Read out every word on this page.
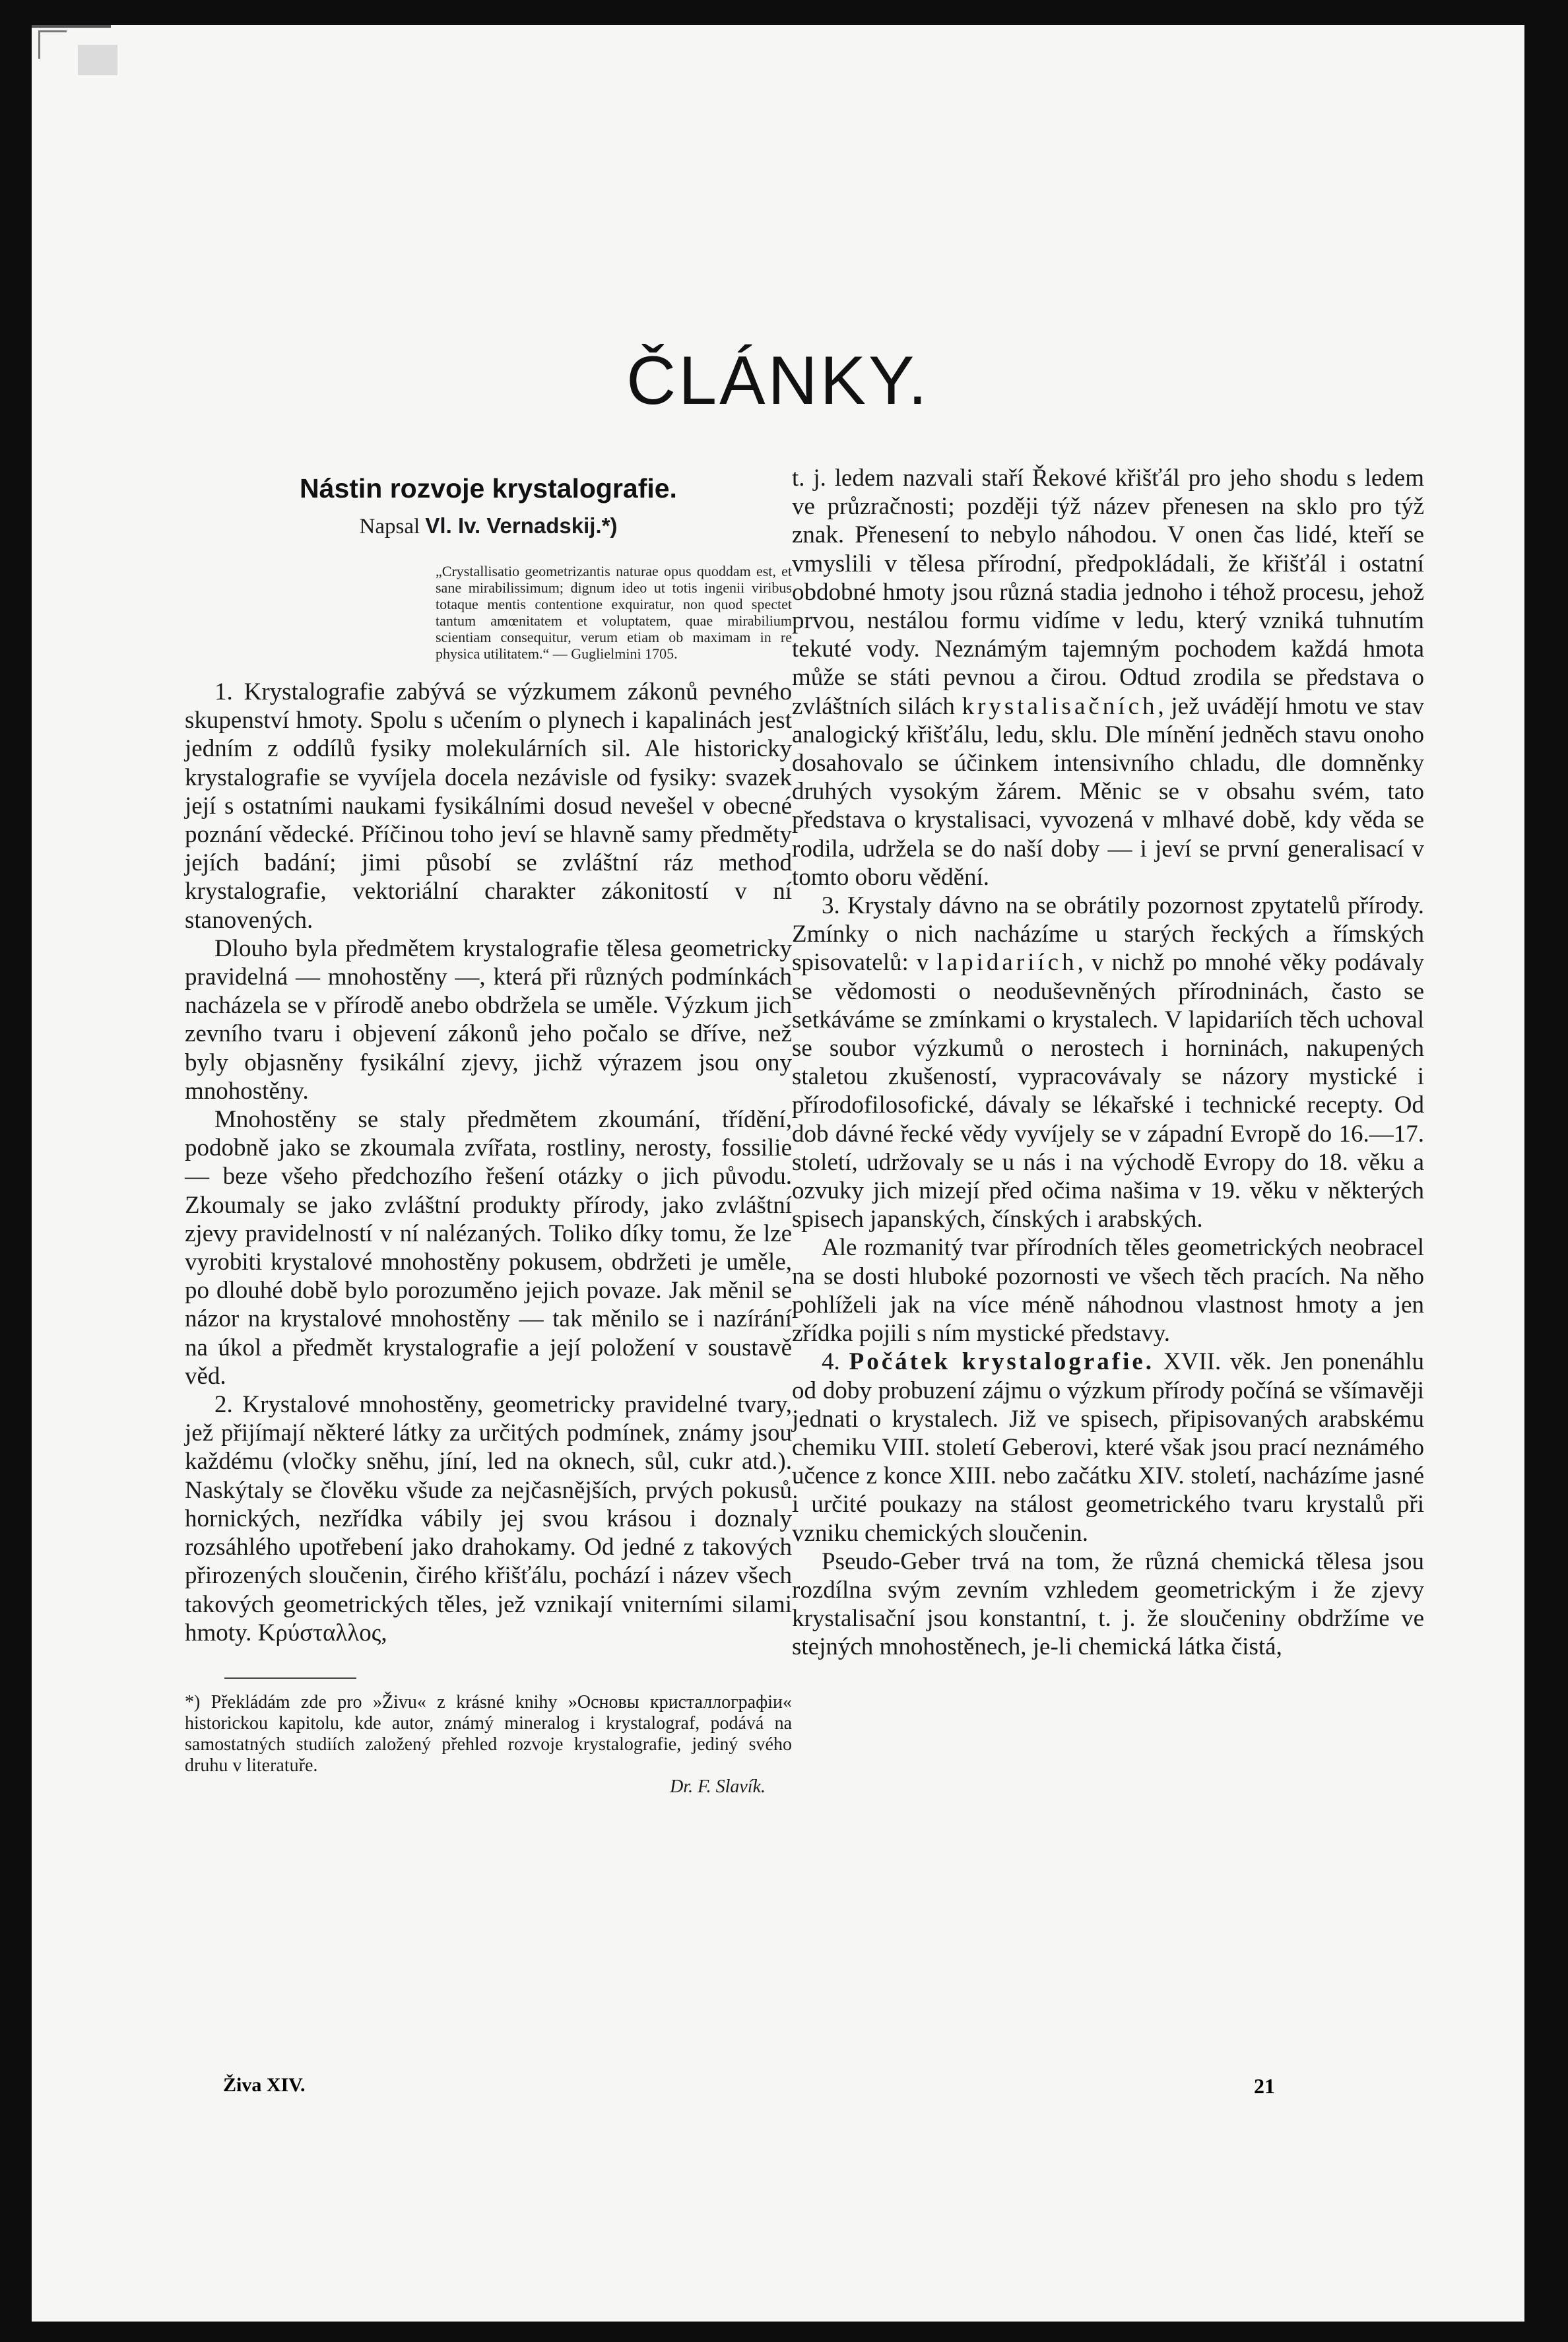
ČLÁNKY.
Nástin rozvoje krystalografie.
Napsal Vl. Iv. Vernadskij.*)
„Crystallisatio geometrizantis naturae opus quoddam est, et sane mirabilissimum; dignum ideo ut totis ingenii viribus totaque mentis contentione exquiratur, non quod spectet tantum amœnitatem et voluptatem, quae mirabilium scientiam consequitur, verum etiam ob maximam in re physica utilitatem.“ — Guglielmini 1705.

1. Krystalografie zabývá se výzkumem zákonů pevného skupenství hmoty. Spolu s učením o plynech i kapalinách jest jedním z oddílů fysiky molekulárních sil. Ale historicky krystalografie se vyvíjela docela nezávisle od fysiky: svazek její s ostatními naukami fysikálními dosud nevešel v obecné poznání vědecké. Příčinou toho jeví se hlavně samy předměty jejích badání; jimi působí se zvláštní ráz method krystalografie, vektoriální charakter zákonitostí v ní stanovených.

Dlouho byla předmětem krystalografie tělesa geometricky pravidelná — mnohostěny —, která při různých podmínkách nacházela se v přírodě anebo obdržela se uměle. Výzkum jich zevního tvaru i objevení zákonů jeho počalo se dříve, než byly objasněny fysikální zjevy, jichž výrazem jsou ony mnohostěny.

Mnohostěny se staly předmětem zkoumání, třídění, podobně jako se zkoumala zvířata, rostliny, nerosty, fossilie — beze všeho předchozího řešení otázky o jich původu. Zkoumaly se jako zvláštní produkty přírody, jako zvláštní zjevy pravidelností v ní nalézaných. Toliko díky tomu, že lze vyrobiti krystalové mnohostěny pokusem, obdržeti je uměle, po dlouhé době bylo porozuměno jejich povaze. Jak měnil se názor na krystalové mnohostěny — tak měnilo se i nazírání na úkol a předmět krystalografie a její položení v soustavě věd.

2. Krystalové mnohostěny, geometricky pravidelné tvary, jež přijímají některé látky za určitých podmínek, známy jsou každému (vločky sněhu, jíní, led na oknech, sůl, cukr atd.). Naskýtaly se člověku všude za nejčasnějších, prvých pokusů hornických, nezřídka vábily jej svou krásou i doznaly rozsáhlého upotřebení jako drahokamy. Od jedné z takových přirozených sloučenin, čirého křišťálu, pochází i název všech takových geometrických těles, jež vznikají vniterními silami hmoty. Κρύσταλλος,

*) Překládám zde pro »Živu« z krásné knihy »Основы кристаллографіи« historickou kapitolu, kde autor, známý mineralog i krystalograf, podává na samostatných studiích založený přehled rozvoje krystalografie, jediný svého druhu v literatuře.
Dr. F. Slavík.

t. j. ledem nazvali staří Řekové křišťál pro jeho shodu s ledem ve průzračnosti; později týž název přenesen na sklo pro týž znak. Přenesení to nebylo náhodou. V onen čas lidé, kteří se vmyslili v tělesa přírodní, předpokládali, že křišťál i ostatní obdobné hmoty jsou různá stadia jednoho i téhož procesu, jehož prvou, nestálou formu vidíme v ledu, který vzniká tuhnutím tekuté vody. Neznámým tajemným pochodem každá hmota může se státi pevnou a čirou. Odtud zrodila se představa o zvláštních silách krystalisačních, jež uvádějí hmotu ve stav analogický křišťálu, ledu, sklu. Dle mínění jedněch stavu onoho dosahovalo se účinkem intensivního chladu, dle domněnky druhých vysokým žárem. Měnic se v obsahu svém, tato představa o krystalisaci, vyvozená v mlhavé době, kdy věda se rodila, udržela se do naší doby — i jeví se první generalisací v tomto oboru vědění.

3. Krystaly dávno na se obrátily pozornost zpytatelů přírody. Zmínky o nich nacházíme u starých řeckých a římských spisovatelů: v lapidariích, v nichž po mnohé věky podávaly se vědomosti o neoduševněných přírodninách, často se setkáváme se zmínkami o krystalech. V lapidariích těch uchoval se soubor výzkumů o nerostech i horninách, nakupených staletou zkušeností, vypracovávaly se názory mystické i přírodofilosofické, dávaly se lékařské i technické recepty. Od dob dávné řecké vědy vyvíjely se v západní Evropě do 16.—17. století, udržovaly se u nás i na východě Evropy do 18. věku a ozvuky jich mizejí před očima našima v 19. věku v některých spisech japanských, čínských i arabských.

Ale rozmanitý tvar přírodních těles geometrických neobracel na se dosti hluboké pozornosti ve všech těch pracích. Na něho pohlíželi jak na více méně náhodnou vlastnost hmoty a jen zřídka pojili s ním mystické představy.

4. Počátek krystalografie. XVII. věk. Jen ponenáhlu od doby probuzení zájmu o výzkum přírody počíná se všímavěji jednati o krystalech. Již ve spisech, připisovaných arabskému chemiku VIII. století Geberovi, které však jsou prací neznámého učence z konce XIII. nebo začátku XIV. století, nacházíme jasné i určité poukazy na stálost geometrického tvaru krystalů při vzniku chemických sloučenin.

Pseudo-Geber trvá na tom, že různá chemická tělesa jsou rozdílna svým zevním vzhledem geometrickým i že zjevy krystalisační jsou konstantní, t. j. že sloučeniny obdržíme ve stejných mnohostěnech, je-li chemická látka čistá,

Živa XIV.	21
